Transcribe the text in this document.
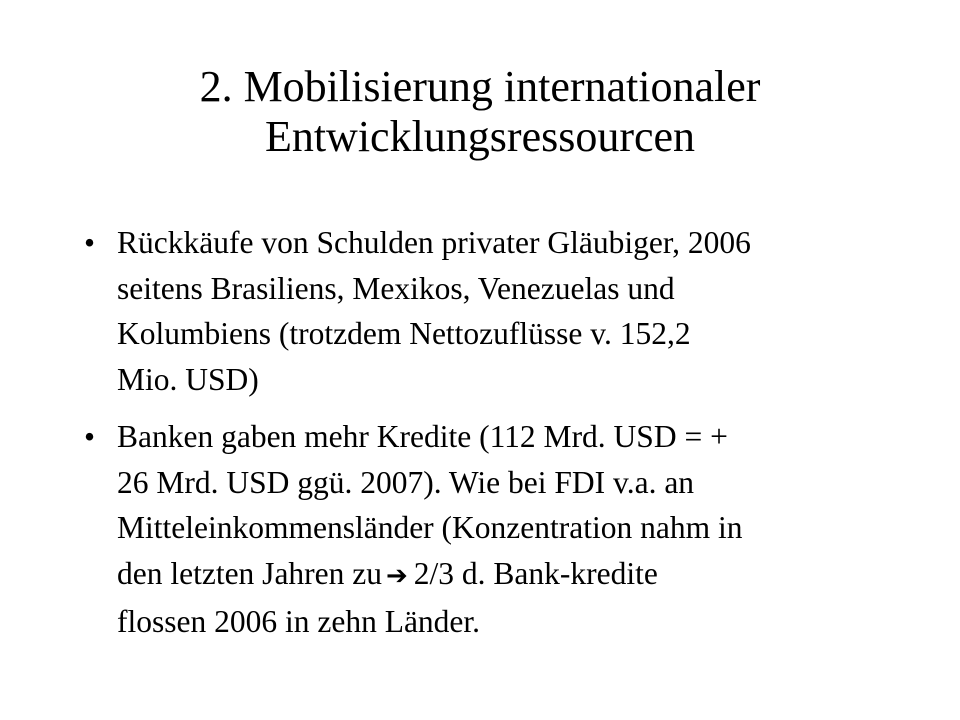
2. Mobilisierung internationaler
Entwicklungsressourcen
• Rückkäufe von Schulden privater Gläubiger, 2006
seitens Brasiliens, Mexikos, Venezuelas und
Kolumbiens (trotzdem Nettozuflüsse v. 152,2
Mio. USD)
• Banken gaben mehr Kredite (112 Mrd. USD = +
26 Mrd. USD ggü. 2007). Wie bei FDI v.a. an
Mitteleinkommensländer (Konzentration nahm in
den letzten Jahren zu ➔ 2/3 d. Bank-kredite
flossen 2006 in zehn Länder.
